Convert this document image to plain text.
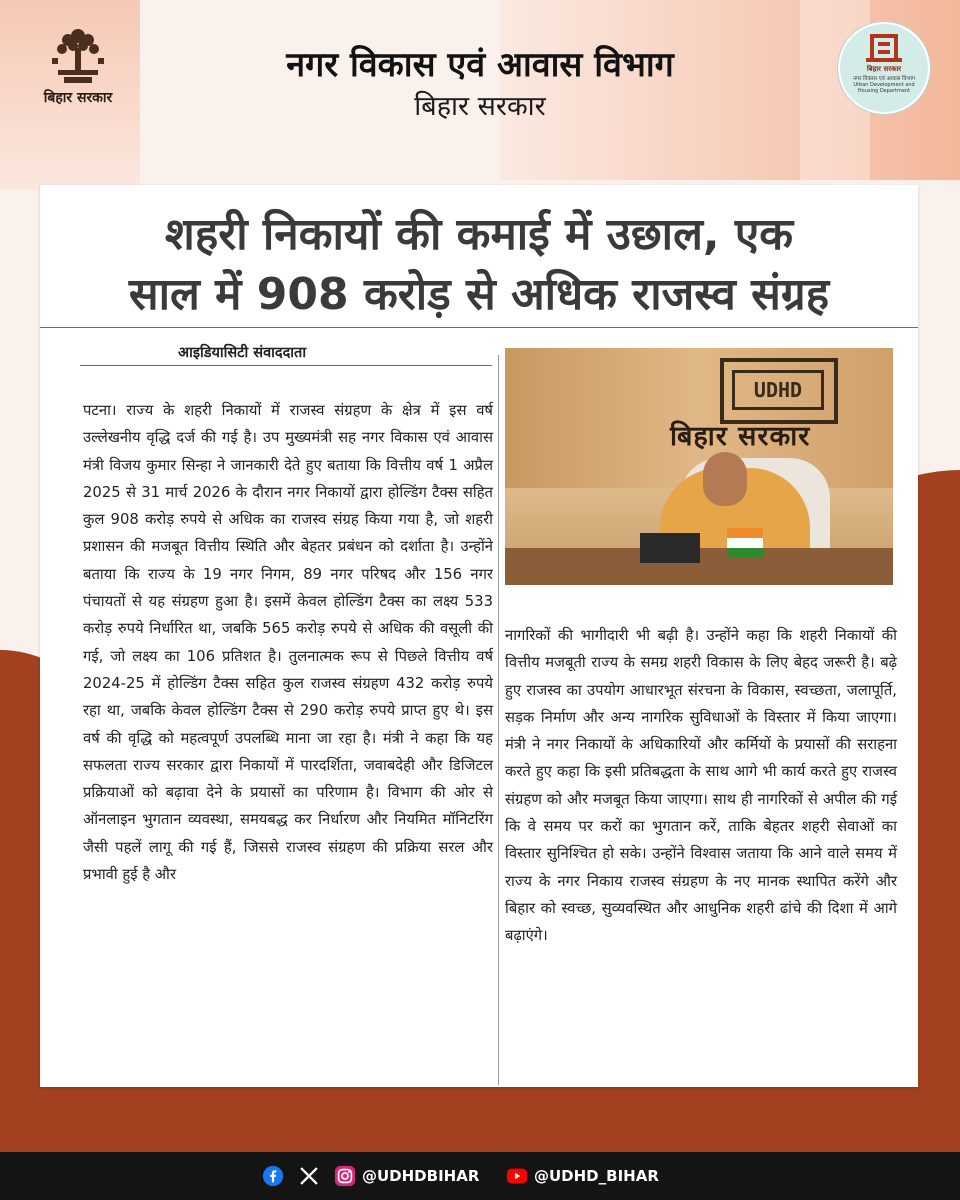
बिहार सरकार
नगर विकास एवं आवास विभाग
बिहार सरकार
बिहार सरकार
नगर विकास एवं आवास विभाग
Urban Development and
Housing Department
शहरी निकायों की कमाई में उछाल, एक
साल में 908 करोड़ से अधिक राजस्व संग्रह
आइडियासिटी संवाददाता
पटना। राज्य के शहरी निकायों में राजस्व संग्रहण के क्षेत्र में इस वर्ष उल्लेखनीय वृद्धि दर्ज की गई है। उप मुख्यमंत्री सह नगर विकास एवं आवास मंत्री विजय कुमार सिन्हा ने जानकारी देते हुए बताया कि वित्तीय वर्ष 1 अप्रैल 2025 से 31 मार्च 2026 के दौरान नगर निकायों द्वारा होल्डिंग टैक्स सहित कुल 908 करोड़ रुपये से अधिक का राजस्व संग्रह किया गया है, जो शहरी प्रशासन की मजबूत वित्तीय स्थिति और बेहतर प्रबंधन को दर्शाता है। उन्होंने बताया कि राज्य के 19 नगर निगम, 89 नगर परिषद और 156 नगर पंचायतों से यह संग्रहण हुआ है। इसमें केवल होल्डिंग टैक्स का लक्ष्य 533 करोड़ रुपये निर्धारित था, जबकि 565 करोड़ रुपये से अधिक की वसूली की गई, जो लक्ष्य का 106 प्रतिशत है। तुलनात्मक रूप से पिछले वित्तीय वर्ष 2024-25 में होल्डिंग टैक्स सहित कुल राजस्व संग्रहण 432 करोड़ रुपये रहा था, जबकि केवल होल्डिंग टैक्स से 290 करोड़ रुपये प्राप्त हुए थे। इस वर्ष की वृद्धि को महत्वपूर्ण उपलब्धि माना जा रहा है। मंत्री ने कहा कि यह सफलता राज्य सरकार द्वारा निकायों में पारदर्शिता, जवाबदेही और डिजिटल प्रक्रियाओं को बढ़ावा देने के प्रयासों का परिणाम है। विभाग की ओर से ऑनलाइन भुगतान व्यवस्था, समयबद्ध कर निर्धारण और नियमित मॉनिटरिंग जैसी पहलें लागू की गई हैं, जिससे राजस्व संग्रहण की प्रक्रिया सरल और प्रभावी हुई है और
UDHD
बिहार सरकार
नागरिकों की भागीदारी भी बढ़ी है। उन्होंने कहा कि शहरी निकायों की वित्तीय मजबूती राज्य के समग्र शहरी विकास के लिए बेहद जरूरी है। बढ़े हुए राजस्व का उपयोग आधारभूत संरचना के विकास, स्वच्छता, जलापूर्ति, सड़क निर्माण और अन्य नागरिक सुविधाओं के विस्तार में किया जाएगा। मंत्री ने नगर निकायों के अधिकारियों और कर्मियों के प्रयासों की सराहना करते हुए कहा कि इसी प्रतिबद्धता के साथ आगे भी कार्य करते हुए राजस्व संग्रहण को और मजबूत किया जाएगा। साथ ही नागरिकों से अपील की गई कि वे समय पर करों का भुगतान करें, ताकि बेहतर शहरी सेवाओं का विस्तार सुनिश्चित हो सके। उन्होंने विश्वास जताया कि आने वाले समय में राज्य के नगर निकाय राजस्व संग्रहण के नए मानक स्थापित करेंगे और बिहार को स्वच्छ, सुव्यवस्थित और आधुनिक शहरी ढांचे की दिशा में आगे बढ़ाएंगे।
@UDHDBIHAR	@UDHD_BIHAR
